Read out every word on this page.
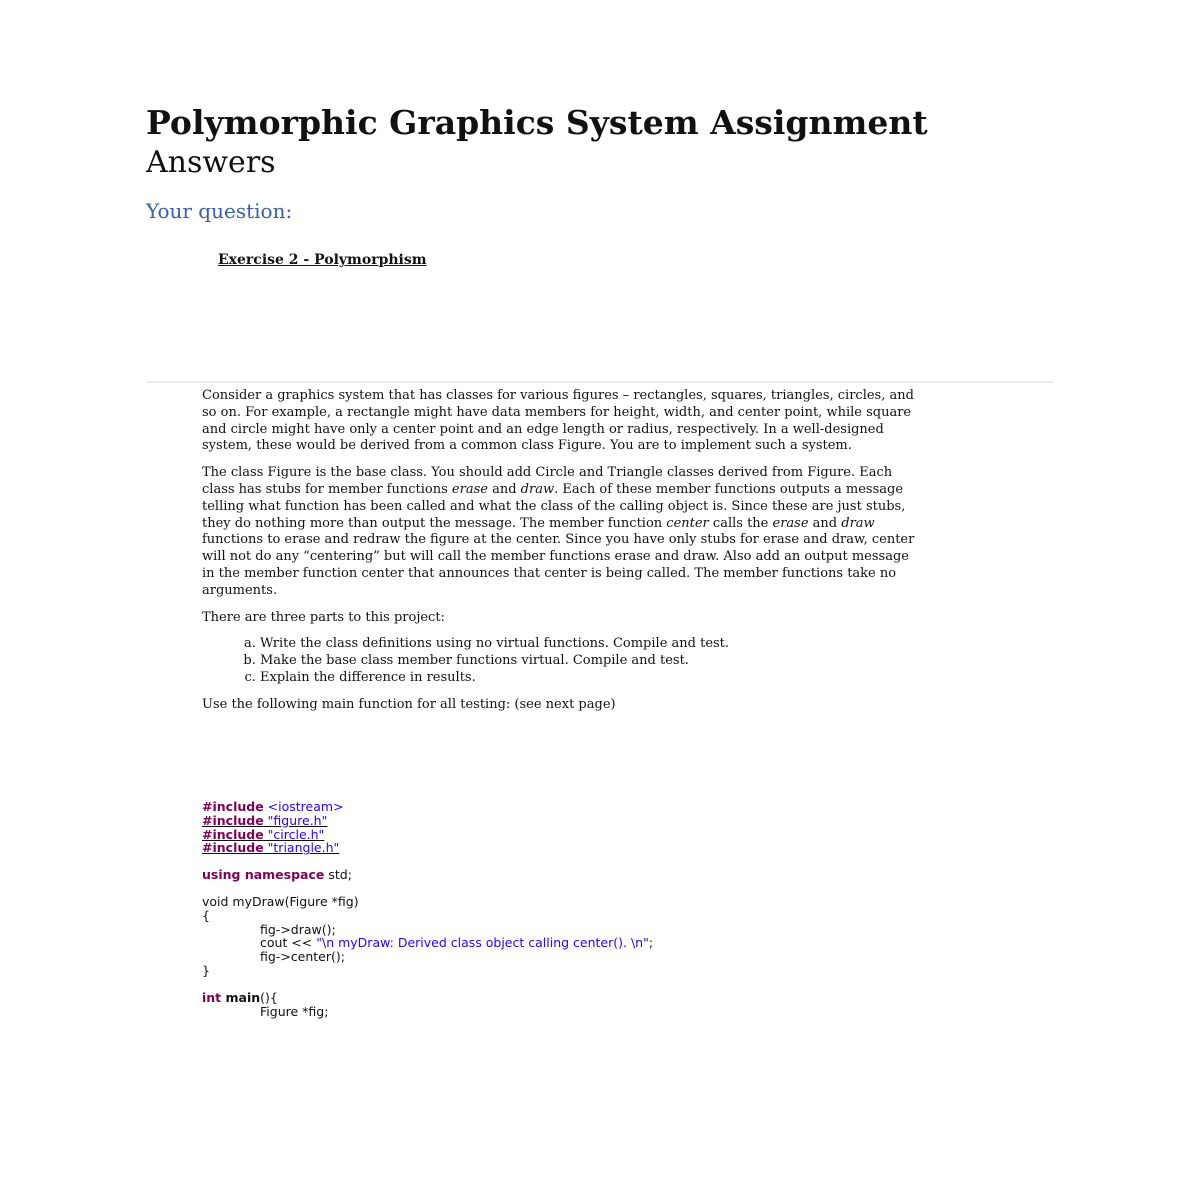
Polymorphic Graphics System Assignment
Answers
Your question:
Exercise 2 - Polymorphism

Consider a graphics system that has classes for various figures – rectangles, squares, triangles, circles, and so on. For example, a rectangle might have data members for height, width, and center point, while square and circle might have only a center point and an edge length or radius, respectively. In a well-designed system, these would be derived from a common class Figure. You are to implement such a system.

The class Figure is the base class. You should add Circle and Triangle classes derived from Figure. Each class has stubs for member functions erase and draw. Each of these member functions outputs a message telling what function has been called and what the class of the calling object is. Since these are just stubs, they do nothing more than output the message. The member function center calls the erase and draw functions to erase and redraw the figure at the center. Since you have only stubs for erase and draw, center will not do any “centering” but will call the member functions erase and draw. Also add an output message in the member function center that announces that center is being called. The member functions take no arguments.

There are three parts to this project:

a. Write the class definitions using no virtual functions. Compile and test.
b. Make the base class member functions virtual. Compile and test.
c. Explain the difference in results.

Use the following main function for all testing: (see next page)

#include <iostream>
#include "figure.h"
#include "circle.h"
#include "triangle.h"
using namespace std;
void myDraw(Figure *fig)
{
fig->draw();
cout << "\n myDraw: Derived class object calling center(). \n";
fig->center();
}
int main(){
Figure *fig;
